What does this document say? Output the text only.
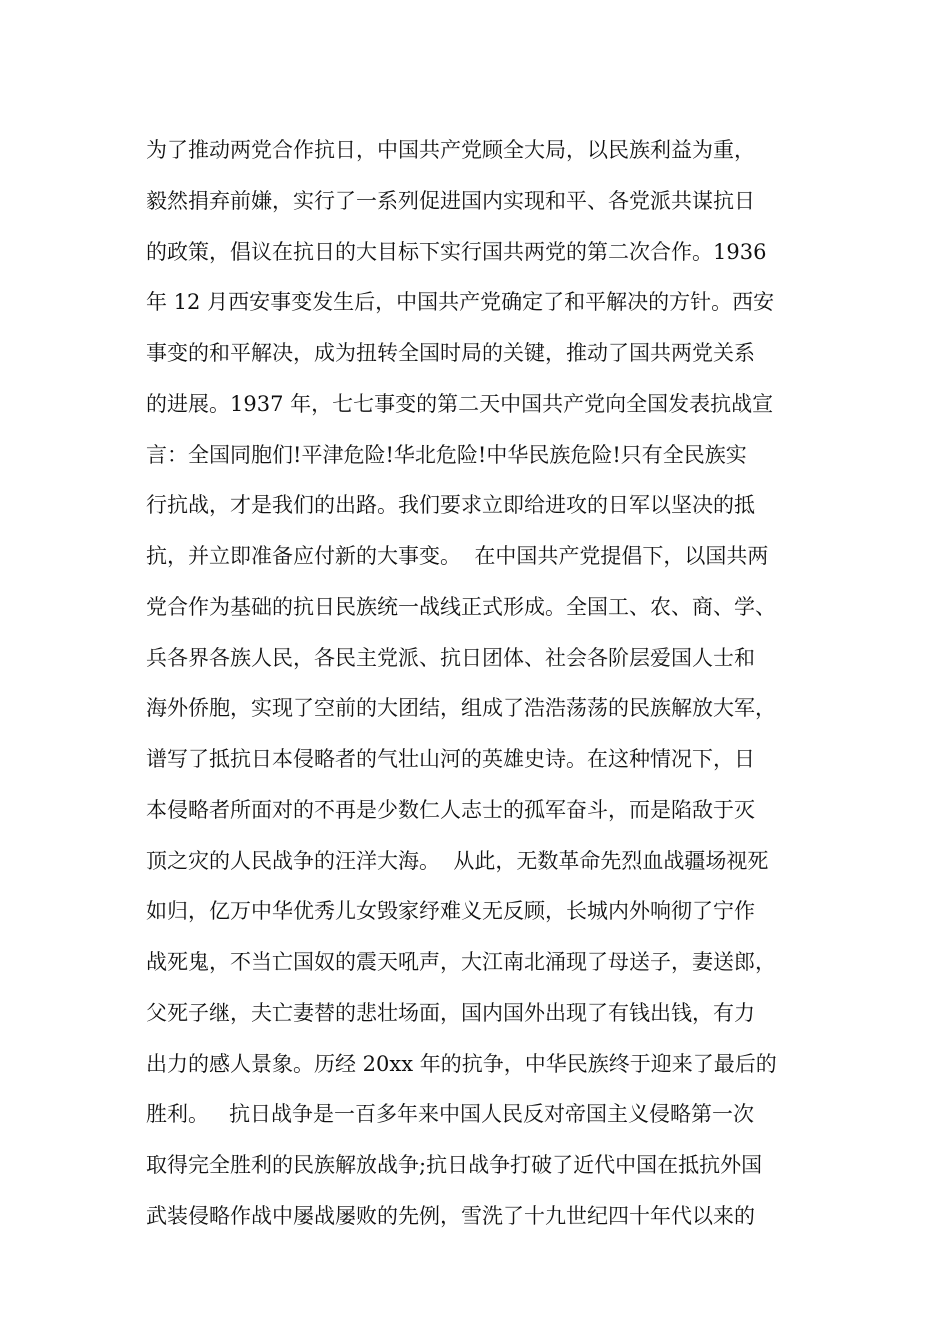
为了推动两党合作抗日，中国共产党顾全大局，以民族利益为重，
毅然捐弃前嫌，实行了一系列促进国内实现和平、各党派共谋抗日
的政策，倡议在抗日的大目标下实行国共两党的第二次合作。1936
年 12 月西安事变发生后，中国共产党确定了和平解决的方针。西安
事变的和平解决，成为扭转全国时局的关键，推动了国共两党关系
的进展。1937 年，七七事变的第二天中国共产党向全国发表抗战宣
言：全国同胞们!平津危险!华北危险!中华民族危险!只有全民族实
行抗战，才是我们的出路。我们要求立即给进攻的日军以坚决的抵
抗，并立即准备应付新的大事变。  在中国共产党提倡下，以国共两
党合作为基础的抗日民族统一战线正式形成。全国工、农、商、学、
兵各界各族人民，各民主党派、抗日团体、社会各阶层爱国人士和
海外侨胞，实现了空前的大团结，组成了浩浩荡荡的民族解放大军，
谱写了抵抗日本侵略者的气壮山河的英雄史诗。在这种情况下，日
本侵略者所面对的不再是少数仁人志士的孤军奋斗，而是陷敌于灭
顶之灾的人民战争的汪洋大海。  从此，无数革命先烈血战疆场视死
如归，亿万中华优秀儿女毁家纾难义无反顾，长城内外响彻了宁作
战死鬼，不当亡国奴的震天吼声，大江南北涌现了母送子，妻送郎，
父死子继，夫亡妻替的悲壮场面，国内国外出现了有钱出钱，有力
出力的感人景象。历经 20xx 年的抗争，中华民族终于迎来了最后的
胜利。   抗日战争是一百多年来中国人民反对帝国主义侵略第一次
取得完全胜利的民族解放战争;抗日战争打破了近代中国在抵抗外国
武装侵略作战中屡战屡败的先例，雪洗了十九世纪四十年代以来的
